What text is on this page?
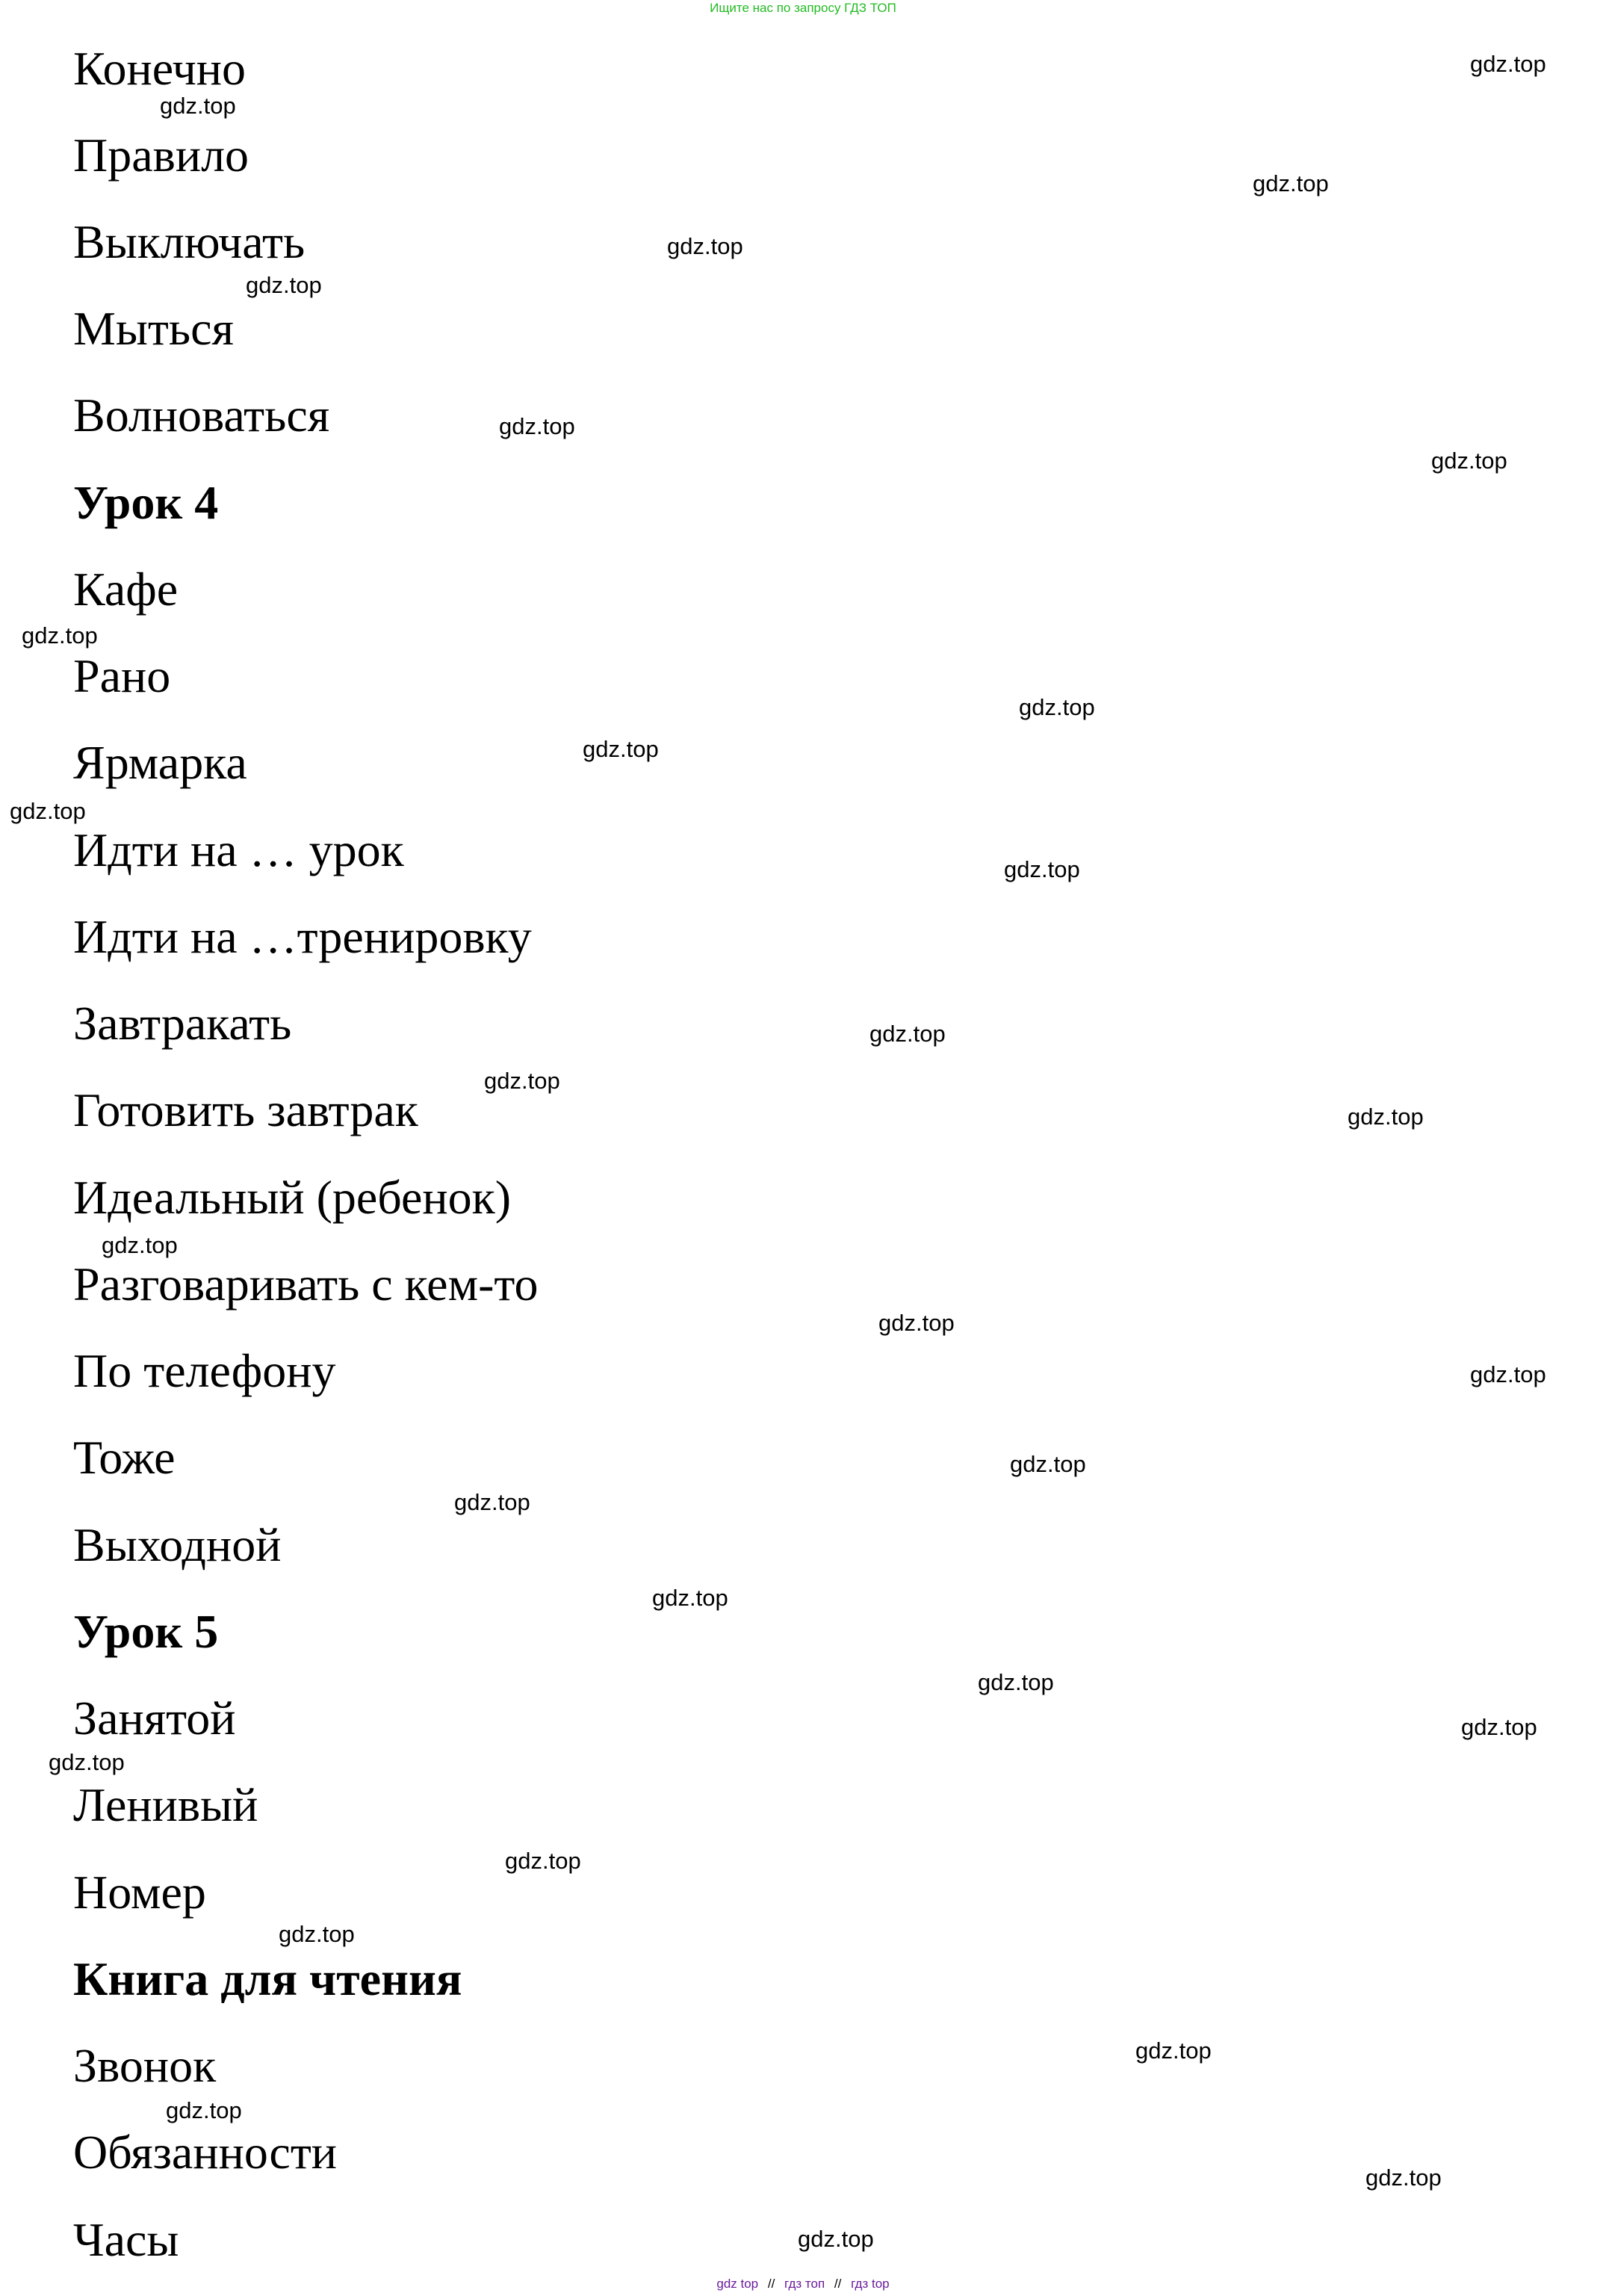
Ищите нас по запросу ГДЗ ТОП
Конечно
Правило
Выключать
Мыться
Волноваться
Урок 4
Кафе
Рано
Ярмарка
Идти на … урок
Идти на …тренировку
Завтракать
Готовить завтрак
Идеальный (ребенок)
Разговаривать с кем-то
По телефону
Тоже
Выходной
Урок 5
Занятой
Ленивый
Номер
Книга для чтения
Звонок
Обязанности
Часы
gdz.top
gdz.top
gdz.top
gdz.top
gdz.top
gdz.top
gdz.top
gdz.top
gdz.top
gdz.top
gdz.top
gdz.top
gdz.top
gdz.top
gdz.top
gdz.top
gdz.top
gdz.top
gdz.top
gdz.top
gdz.top
gdz.top
gdz.top
gdz.top
gdz.top
gdz.top
gdz.top
gdz.top
gdz.top
gdz.top
gdz top // гдз топ // гдз top
